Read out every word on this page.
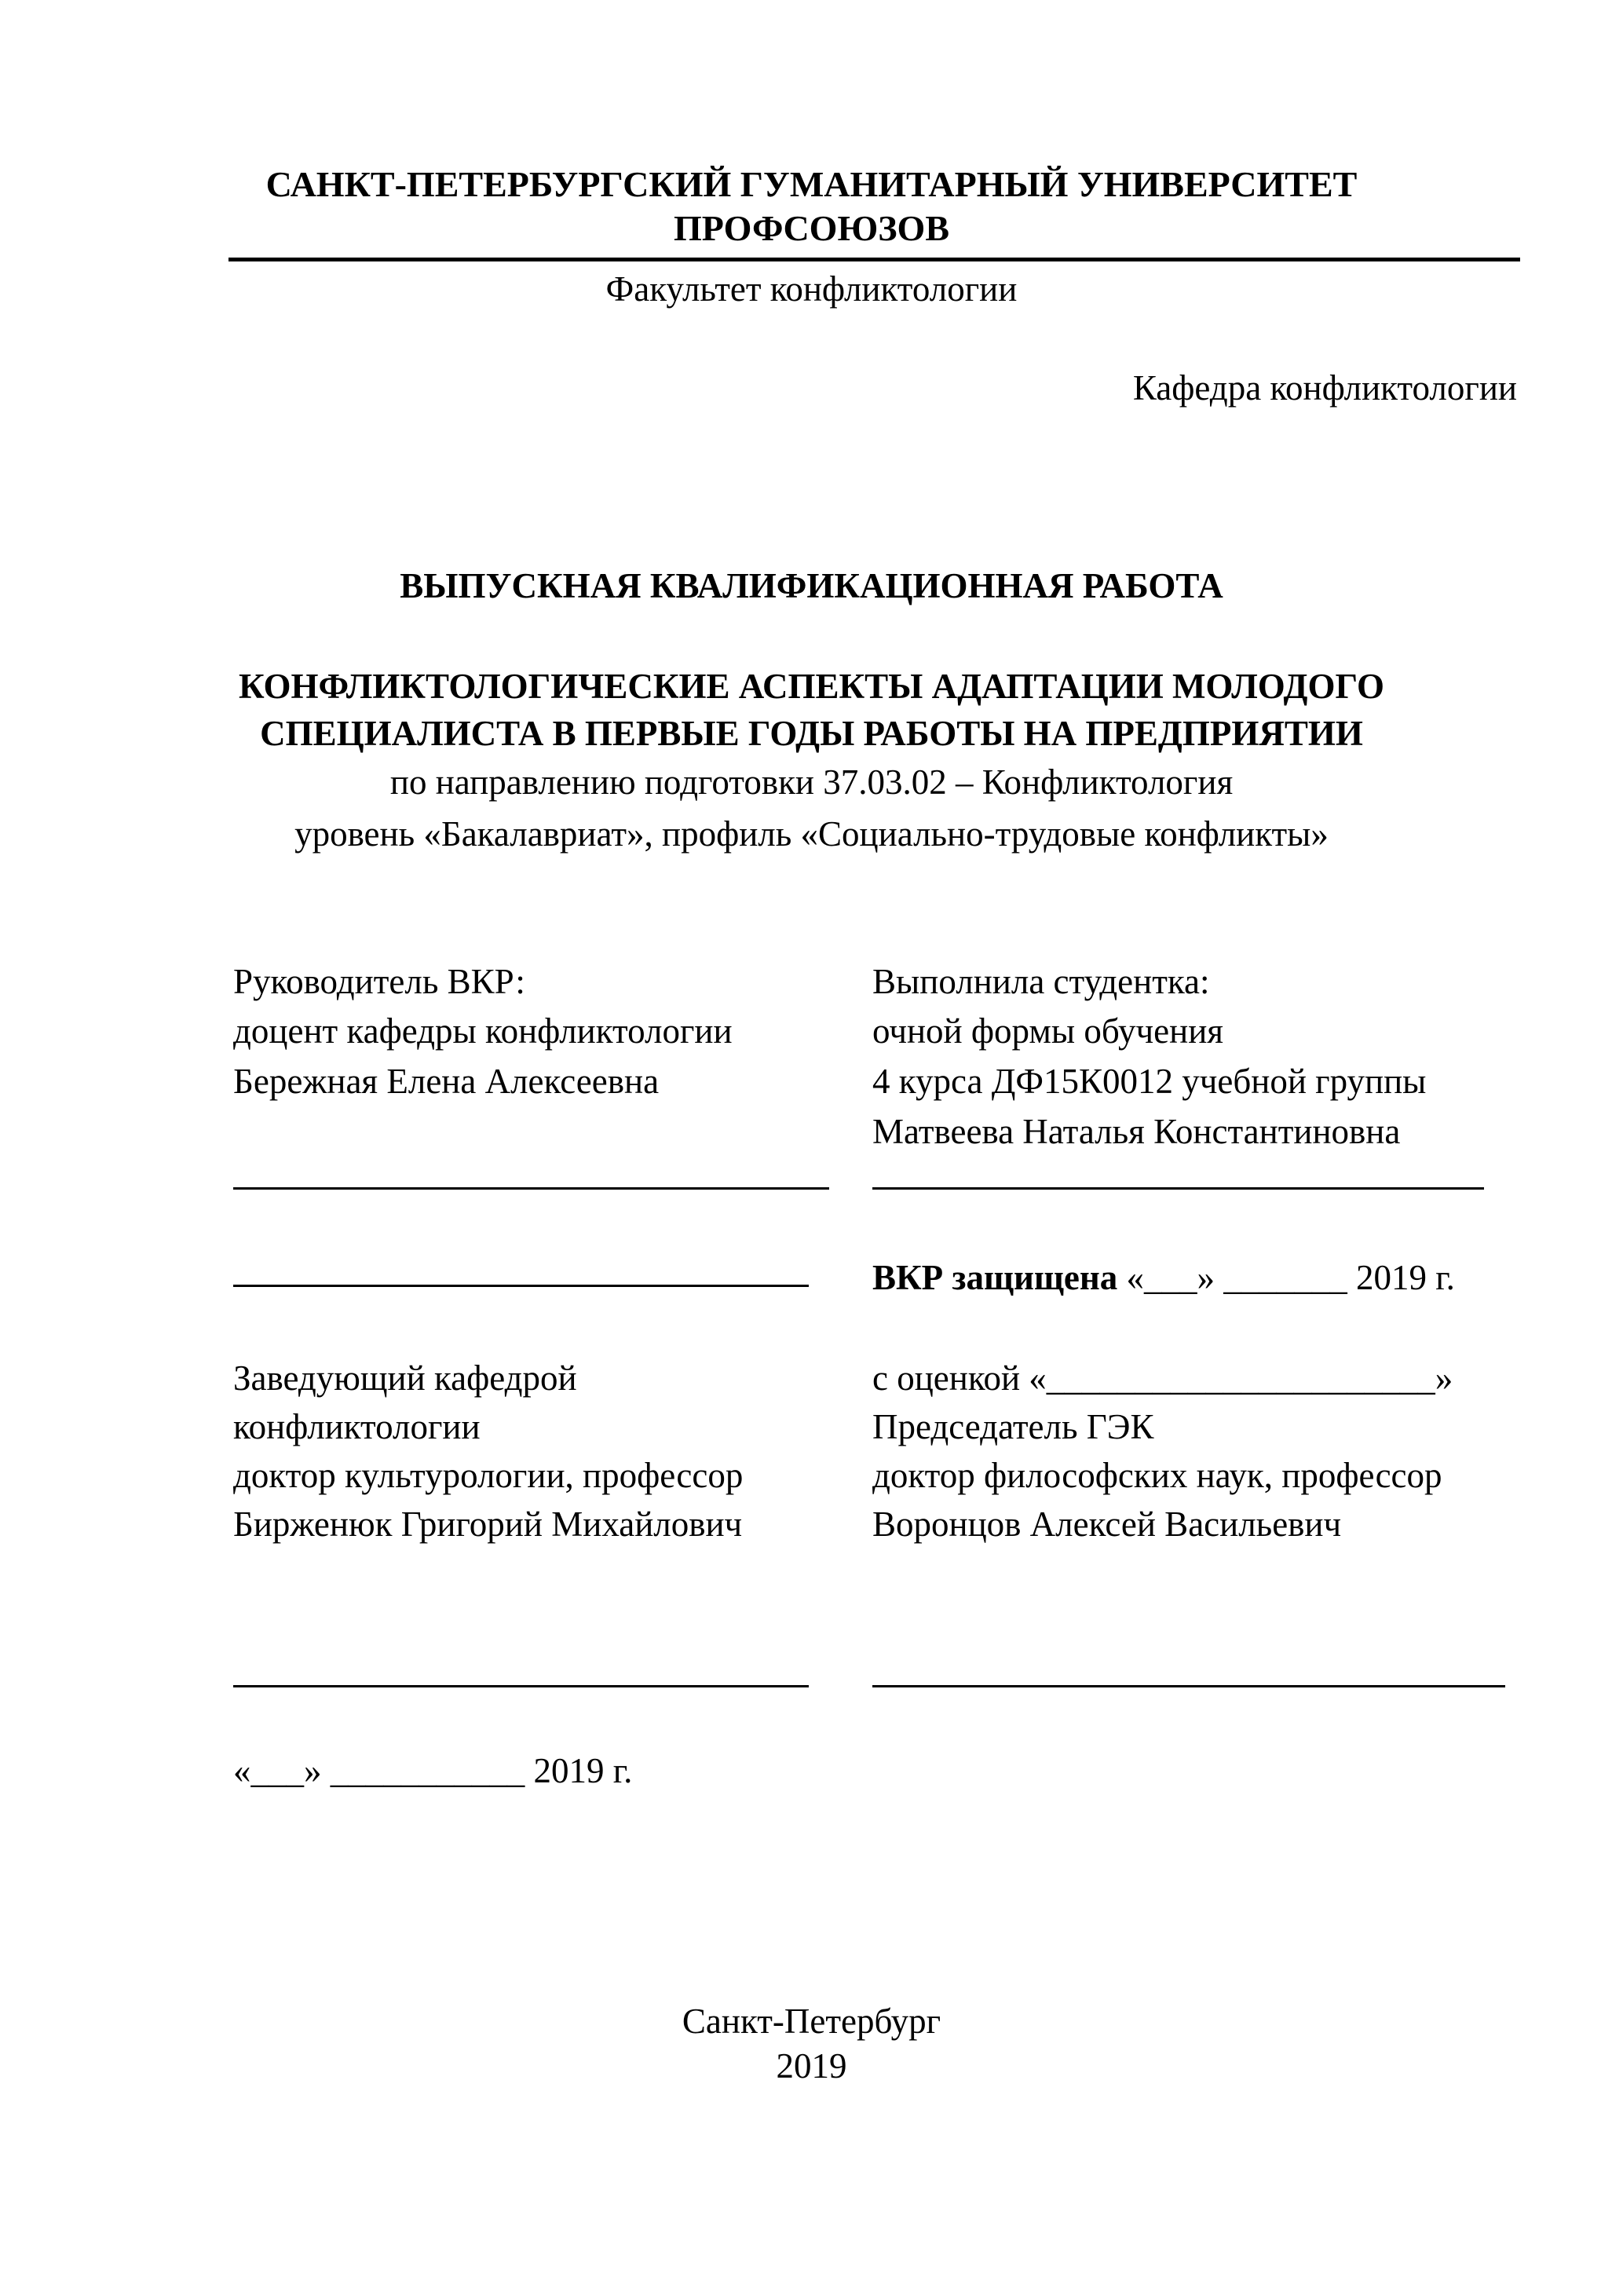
САНКТ-ПЕТЕРБУРГСКИЙ ГУМАНИТАРНЫЙ УНИВЕРСИТЕТ
ПРОФСОЮЗОВ
Факультет конфликтологии
Кафедра конфликтологии
ВЫПУСКНАЯ КВАЛИФИКАЦИОННАЯ РАБОТА
КОНФЛИКТОЛОГИЧЕСКИЕ АСПЕКТЫ АДАПТАЦИИ МОЛОДОГО
СПЕЦИАЛИСТА В ПЕРВЫЕ ГОДЫ РАБОТЫ НА ПРЕДПРИЯТИИ
по направлению подготовки 37.03.02 – Конфликтология
уровень «Бакалавриат», профиль «Социально-трудовые конфликты»
Руководитель ВКР:
доцент кафедры конфликтологии
Бережная Елена Алексеевна
Выполнила студентка:
очной формы обучения
4 курса ДФ15К0012 учебной группы
Матвеева Наталья Константиновна
ВКР защищена «___» _______ 2019 г.
Заведующий кафедрой
конфликтологии
доктор культурологии, профессор
Бирженюк Григорий Михайлович
с оценкой «______________________»
Председатель ГЭК
доктор философских наук, профессор
Воронцов Алексей Васильевич
«___» ___________ 2019 г.
Санкт-Петербург
2019
